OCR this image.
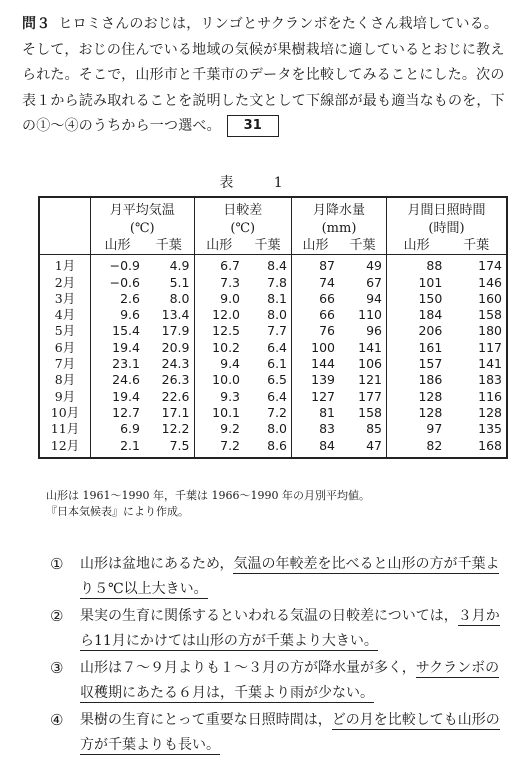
問３ ヒロミさんのおじは，リンゴとサクランボをたくさん栽培している。そして，おじの住んでいる地域の気候が果樹栽培に適しているとおじに教えられた。そこで，山形市と千葉市のデータを比較してみることにした。次の表１から読み取れることを説明した文として下線部が最も適当なものを，下の①～④のうちから一つ選べ。 31
表 1
	月平均気温
(℃)		日較差
(℃)		月降水量
(mm)		月間日照時間
(時間)	
	山形	千葉	山形	千葉	山形	千葉	山形	千葉
1月	−0.9	4.9	6.7	8.4	87	49	88	174
2月	−0.6	5.1	7.3	7.8	74	67	101	146
3月	2.6	8.0	9.0	8.1	66	94	150	160
4月	9.6	13.4	12.0	8.0	66	110	184	158
5月	15.4	17.9	12.5	7.7	76	96	206	180
6月	19.4	20.9	10.2	6.4	100	141	161	117
7月	23.1	24.3	9.4	6.1	144	106	157	141
8月	24.6	26.3	10.0	6.5	139	121	186	183
9月	19.4	22.6	9.3	6.4	127	177	128	116
10月	12.7	17.1	10.1	7.2	81	158	128	128
11月	6.9	12.2	9.2	8.0	83	85	97	135
12月	2.1	7.5	7.2	8.6	84	47	82	168
山形は 1961～1990 年，千葉は 1966～1990 年の月別平均値。
『日本気候表』により作成。
① 山形は盆地にあるため，気温の年較差を比べると山形の方が千葉より５℃以上大きい。
② 果実の生育に関係するといわれる気温の日較差については，３月から11月にかけては山形の方が千葉より大きい。
③ 山形は７～９月よりも１～３月の方が降水量が多く，サクランボの収穫期にあたる６月は，千葉より雨が少ない。
④ 果樹の生育にとって重要な日照時間は，どの月を比較しても山形の方が千葉よりも長い。
